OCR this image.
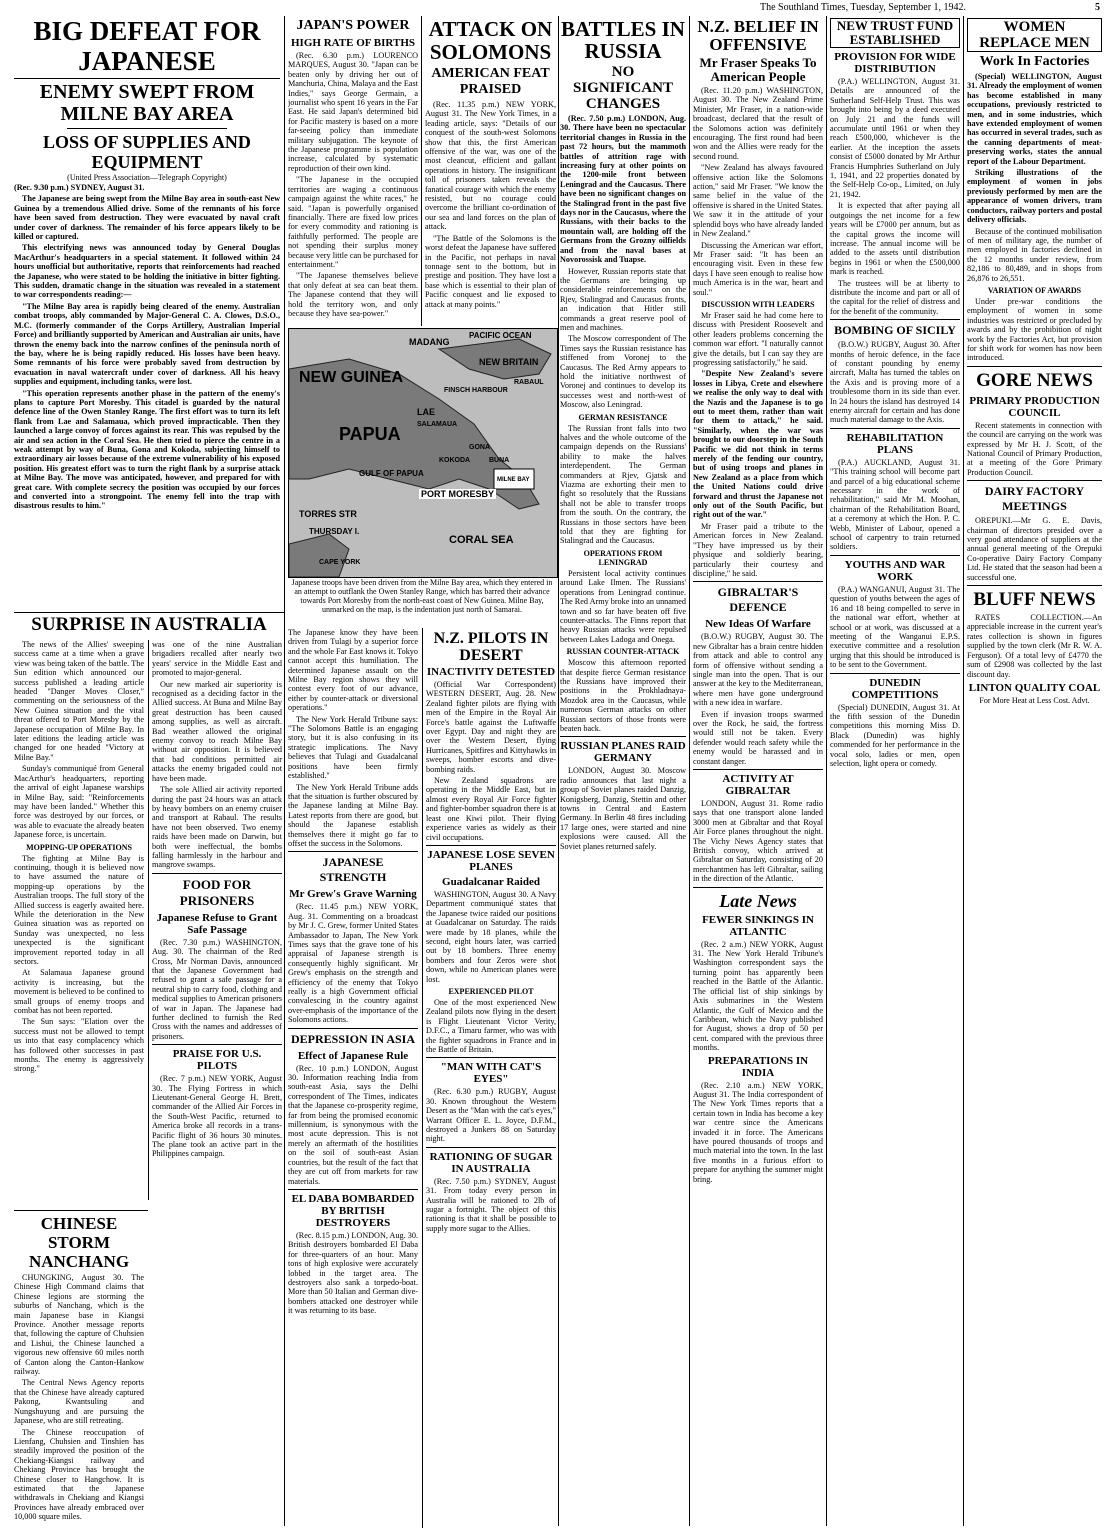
The Southland Times, Tuesday, September 1, 1942.	5
BIG DEFEAT FOR JAPANESE
ENEMY SWEPT FROM MILNE BAY AREA
LOSS OF SUPPLIES AND EQUIPMENT
(United Press Association—Telegraph Copyright)

(Rec. 9.30 p.m.) SYDNEY, August 31.

The Japanese are being swept from the Milne Bay area in south-east New Guinea by a tremendous Allied drive. Some of the remnants of his force have been saved from destruction. They were evacuated by naval craft under cover of darkness. The remainder of his force appears likely to be killed or captured.

This electrifying news was announced today by General Douglas MacArthur's headquarters in a special statement. It followed within 24 hours unofficial but authoritative, reports that reinforcements had reached the Japanese, who were stated to be holding the initiative in bitter fighting. This sudden, dramatic change in the situation was revealed in a statement to war correspondents reading:—

"The Milne Bay area is rapidly being cleared of the enemy. Australian combat troops, ably commanded by Major-General C. A. Clowes, D.S.O., M.C. (formerly commander of the Corps Artillery, Australian Imperial Force) and brilliantly supported by American and Australian air units, have thrown the enemy back into the narrow confines of the peninsula north of the bay, where he is being rapidly reduced. His losses have been heavy. Some remnants of his force were probably saved from destruction by evacuation in naval watercraft under cover of darkness. All his heavy supplies and equipment, including tanks, were lost.

"This operation represents another phase in the pattern of the enemy's plans to capture Port Moresby. This citadel is guarded by the natural defence line of the Owen Stanley Range. The first effort was to turn its left flank from Lae and Salamaua, which proved impracticable. Then they launched a large convoy of forces against its rear. This was repulsed by the air and sea action in the Coral Sea. He then tried to pierce the centre in a weak attempt by way of Buna, Gona and Kokoda, subjecting himself to extraordinary air losses because of the extreme vulnerability of his exposed position. His greatest effort was to turn the right flank by a surprise attack at Milne Bay. The move was anticipated, however, and prepared for with great care. With complete secrecy the position was occupied by our forces and converted into a strongpoint. The enemy fell into the trap with disastrous results to him."

SURPRISE IN AUSTRALIA

The news of the Allies' sweeping success came at a time when a grave view was being taken of the battle. The Sun edition which announced our success published a leading article headed "Danger Moves Closer," commenting on the seriousness of the New Guinea situation and the vital threat offered to Port Moresby by the Japanese occupation of Milne Bay. In later editions the leading article was changed for one headed "Victory at Milne Bay."

Sunday's communiqué from General MacArthur's headquarters, reporting the arrival of eight Japanese warships in Milne Bay, said: "Reinforcements may have been landed." Whether this force was destroyed by our forces, or was able to evacuate the already beaten Japanese force, is uncertain.

MOPPING-UP OPERATIONS

The fighting at Milne Bay is continuing, though it is believed now to have assumed the nature of mopping-up operations by the Australian troops. The full story of the Allied success is eagerly awaited here. While the deterioration in the New Guinea situation was as reported on Sunday was unexpected, no less unexpected is the significant improvement reported today in all sectors.

At Salamaua Japanese ground activity is increasing, but the movement is believed to be confined to small groups of enemy troops and combat has not been reported.

The Sun says: "Elation over the success must not be allowed to tempt us into that easy complacency which has followed other successes in past months. The enemy is aggressively strong."

was one of the nine Australian brigadiers recalled after nearly two years' service in the Middle East and promoted to major-general.

Our new marked air superiority is recognised as a deciding factor in the Allied success. At Buna and Milne Bay great destruction has been caused among supplies, as well as aircraft. Bad weather allowed the original enemy convoy to reach Milne Bay without air opposition. It is believed that bad conditions permitted air attacks the enemy brigaded could not have been made.

The sole Allied air activity reported during the past 24 hours was an attack by heavy bombers on an enemy cruiser and transport at Rabaul. The results have not been observed. Two enemy raids have been made on Darwin, but both were ineffectual, the bombs falling harmlessly in the harbour and mangrove swamps.

FOOD FOR PRISONERS
Japanese Refuse to Grant Safe Passage

(Rec. 7.30 p.m.) WASHINGTON, Aug. 30. The chairman of the Red Cross, Mr Norman Davis, announced that the Japanese Government had refused to grant a safe passage for a neutral ship to carry food, clothing and medical supplies to American prisoners of war in Japan. The Japanese had further declined to furnish the Red Cross with the names and addresses of prisoners.

PRAISE FOR U.S. PILOTS

(Rec. 7 p.m.) NEW YORK, August 30. The Flying Fortress in which Lieutenant-General George H. Brett, commander of the Allied Air Forces in the South-West Pacific, returned to America broke all records in a trans-Pacific flight of 36 hours 30 minutes. The plane took an active part in the Philippines campaign.

CHINESE STORM NANCHANG

CHUNGKING, August 30. The Chinese High Command claims that Chinese legions are storming the suburbs of Nanchang, which is the main Japanese base in Kiangsi Province. Another message reports that, following the capture of Chuhsien and Lishui, the Chinese launched a vigorous new offensive 60 miles north of Canton along the Canton-Hankow railway.

The Central News Agency reports that the Chinese have already captured Pakong, Kwantsuling and Nungshuyung and are pursuing the Japanese, who are still retreating.

The Chinese reoccupation of Lienfang, Chuhsien and Tinshien has steadily improved the position of the Chekiang-Kiangsi railway and Chekiang Province has brought the Chinese closer to Hangchow. It is estimated that the Japanese withdrawals in Chekiang and Kiangsi Provinces have already embraced over 10,000 square miles.

JAPAN'S POWER
HIGH RATE OF BIRTHS

(Rec. 6.30 p.m.) LOURENCO MARQUES, August 30. "Japan can be beaten only by driving her out of Manchuria, China, Malaya and the East Indies," says George Germain, a journalist who spent 16 years in the Far East. He said Japan's determined bid for Pacific mastery is based on a more far-seeing policy than immediate military subjugation. The keynote of the Japanese programme is population increase, calculated by systematic reproduction of their own kind.

"The Japanese in the occupied territories are waging a continuous campaign against the white races," he said. "Japan is powerfully organised financially. There are fixed low prices for every commodity and rationing is faithfully performed. The people are not spending their surplus money because very little can be purchased for entertainment."

"The Japanese themselves believe that only defeat at sea can beat them. The Japanese contend that they will hold the territory won, and only because they have sea-power."

ATTACK ON SOLOMONS
AMERICAN FEAT PRAISED

(Rec. 11.35 p.m.) NEW YORK, August 31. The New York Times, in a leading article, says: "Details of our conquest of the south-west Solomons show that this, the first American offensive of the war, was one of the most cleancut, efficient and gallant operations in history. The insignificant toll of prisoners taken reveals the fanatical courage with which the enemy resisted, but no courage could overcome the brilliant co-ordination of our sea and land forces on the plan of attack.

"The Battle of the Solomons is the worst defeat the Japanese have suffered in the Pacific, not perhaps in naval tonnage sent to the bottom, but in prestige and position. They have lost a base which is essential to their plan of Pacific conquest and lie exposed to attack at many points."

MADANG
NEW GUINEA
PAPUA
NEW BRITAIN
FINSCH HARBOUR
LAE
SALAMAUA
GONA
BUNA
PORT MORESBY
TORRES STR
THURSDAY I.
GULF OF PAPUA
MILNE BAY
CAPE YORK
RABAUL
CORAL SEA
PACIFIC OCEAN
KOKODA
Japanese troops have been driven from the Milne Bay area, which they entered in an attempt to outflank the Owen Stanley Range, which has barred their advance towards Port Moresby from the north-east coast of New Guinea. Milne Bay, unmarked on the map, is the indentation just north of Samarai.

The Japanese know they have been driven from Tulagi by a superior force and the whole Far East knows it. Tokyo cannot accept this humiliation. The determined Japanese assault on the Milne Bay region shows they will contest every foot of our advance, either by counter-attack or diversional operations."

The New York Herald Tribune says: "The Solomons Battle is an engaging story, but it is also confusing in its strategic implications. The Navy believes that Tulagi and Guadalcanal positions have been firmly established."

The New York Herald Tribune adds that the situation is further obscured by the Japanese landing at Milne Bay. Latest reports from there are good, but should the Japanese establish themselves there it might go far to offset the success in the Solomons.

JAPANESE STRENGTH
Mr Grew's Grave Warning

(Rec. 11.45 p.m.) NEW YORK, Aug. 31. Commenting on a broadcast by Mr J. C. Grew, former United States Ambassador to Japan, The New York Times says that the grave tone of his appraisal of Japanese strength is consequently highly significant. Mr Grew's emphasis on the strength and efficiency of the enemy that Tokyo really is a high Government official convalescing in the country against over-emphasis of the importance of the Solomons actions.

DEPRESSION IN ASIA
Effect of Japanese Rule

(Rec. 10 p.m.) LONDON, August 30. Information reaching India from south-east Asia, says the Delhi correspondent of The Times, indicates that the Japanese co-prosperity regime, far from being the promised economic millennium, is synonymous with the most acute depression. This is not merely an aftermath of the hostilities on the soil of south-east Asian countries, but the result of the fact that they are cut off from markets for raw materials.

EL DABA BOMBARDED BY BRITISH DESTROYERS

(Rec. 8.15 p.m.) LONDON, Aug. 30. British destroyers bombarded El Daba for three-quarters of an hour. Many tons of high explosive were accurately lobbed in the target area. The destroyers also sank a torpedo-boat. More than 50 Italian and German dive-bombers attacked one destroyer while it was returning to its base.

BATTLES IN RUSSIA
NO SIGNIFICANT CHANGES

(Rec. 7.50 p.m.) LONDON, Aug. 30. There have been no spectacular territorial changes in Russia in the past 72 hours, but the mammoth battles of attrition rage with increasing fury at other points on the 1200-mile front between Leningrad and the Caucasus. There have been no significant changes on the Stalingrad front in the past five days nor in the Caucasus, where the Russians, with their backs to the mountain wall, are holding off the Germans from the Grozny oilfields and from the naval bases at Novorossisk and Tuapse.

However, Russian reports state that the Germans are bringing up considerable reinforcements on the Rjev, Stalingrad and Caucasus fronts, an indication that Hitler still commands a great reserve pool of men and machines.

The Moscow correspondent of The Times says the Russian resistance has stiffened from Voronej to the Caucasus. The Red Army appears to hold the initiative northwest of Voronej and continues to develop its successes west and north-west of Moscow, also Leningrad.

GERMAN RESISTANCE

The Russian front falls into two halves and the whole outcome of the campaign depends on the Russians' ability to make the halves interdependent. The German commanders at Rjev, Gjatsk and Viazma are exhorting their men to fight so resolutely that the Russians shall not be able to transfer troops from the south. On the contrary, the Russians in those sectors have been told that they are fighting for Stalingrad and the Caucasus.

OPERATIONS FROM LENINGRAD

Persistent local activity continues around Lake Ilmen. The Russians' operations from Leningrad continue. The Red Army broke into an unnamed town and so far have beaten off five counter-attacks. The Finns report that heavy Russian attacks were repulsed between Lakes Ladoga and Onega.

RUSSIAN COUNTER-ATTACK

Moscow this afternoon reported that despite fierce German resistance the Russians have improved their positions in the Prokhladnaya-Mozdok area in the Caucasus, while numerous German attacks on other Russian sectors of those fronts were beaten back.

RUSSIAN PLANES RAID GERMANY

LONDON, August 30. Moscow radio announces that last night a group of Soviet planes raided Danzig, Konigsberg, Danzig, Stettin and other towns in Central and Eastern Germany. In Berlin 48 fires including 17 large ones, were started and nine explosions were caused. All the Soviet planes returned safely.

N.Z. PILOTS IN DESERT
INACTIVITY DETESTED

(Official War Correspondent) WESTERN DESERT, Aug. 28. New Zealand fighter pilots are flying with men of the Empire in the Royal Air Force's battle against the Luftwaffe over Egypt. Day and night they are over the Western Desert, flying Hurricanes, Spitfires and Kittyhawks in sweeps, bomber escorts and dive-bombing raids.

New Zealand squadrons are operating in the Middle East, but in almost every Royal Air Force fighter and fighter-bomber squadron there is at least one Kiwi pilot. Their flying experience varies as widely as their civil occupations.

JAPANESE LOSE SEVEN PLANES
Guadalcanar Raided

WASHINGTON, August 30. A Navy Department communiqué states that the Japanese twice raided our positions at Guadalcanar on Saturday. The raids were made by 18 planes, while the second, eight hours later, was carried out by 18 bombers. Three enemy bombers and four Zeros were shot down, while no American planes were lost.

EXPERIENCED PILOT

One of the most experienced New Zealand pilots now flying in the desert is Flight Lieutenant Victor Verity, D.F.C., a Timaru farmer, who was with the fighter squadrons in France and in the Battle of Britain.

"MAN WITH CAT'S EYES"

(Rec. 6.30 p.m.) RUGBY, August 30. Known throughout the Western Desert as the "Man with the cat's eyes," Warrant Officer E. L. Joyce, D.F.M., destroyed a Junkers 88 on Saturday night.

RATIONING OF SUGAR IN AUSTRALIA

(Rec. 7.50 p.m.) SYDNEY, August 31. From today every person in Australia will be rationed to 2lb of sugar a fortnight. The object of this rationing is that it shall be possible to supply more sugar to the Allies.

N.Z. BELIEF IN OFFENSIVE
Mr Fraser Speaks To American People

(Rec. 11.20 p.m.) WASHINGTON, August 30. The New Zealand Prime Minister, Mr Fraser, in a nation-wide broadcast, declared that the result of the Solomons action was definitely encouraging. The first round had been won and the Allies were ready for the second round.

"New Zealand has always favoured offensive action like the Solomons action," said Mr Fraser. "We know the same belief in the value of the offensive is shared in the United States. We saw it in the attitude of your splendid boys who have already landed in New Zealand."

Discussing the American war effort, Mr Fraser said: "It has been an encouraging visit. Even in these few days I have seen enough to realise how much America is in the war, heart and soul."

DISCUSSION WITH LEADERS

Mr Fraser said he had come here to discuss with President Roosevelt and other leaders problems concerning the common war effort. "I naturally cannot give the details, but I can say they are progressing satisfactorily," he said.

"Despite New Zealand's severe losses in Libya, Crete and elsewhere we realise the only way to deal with the Nazis and the Japanese is to go out to meet them, rather than wait for them to attack," he said. "Similarly, when the war was brought to our doorstep in the South Pacific we did not think in terms merely of the fending our country, but of using troops and planes in New Zealand as a place from which the United Nations could drive forward and thrust the Japanese not only out of the South Pacific, but right out of the war."

Mr Fraser paid a tribute to the American forces in New Zealand. "They have impressed us by their physique and soldierly bearing, particularly their courtesy and discipline," he said.

GIBRALTAR'S DEFENCE
New Ideas Of Warfare

(B.O.W.) RUGBY, August 30. The new Gibraltar has a brain centre hidden from attack and able to control any form of offensive without sending a single man into the open. That is our answer at the key to the Mediterranean, where men have gone underground with a new idea in warfare.

Even if invasion troops swarmed over the Rock, he said, the fortress would still not be taken. Every defender would reach safety while the enemy would be harassed and in constant danger.

ACTIVITY AT GIBRALTAR

LONDON, August 31. Rome radio says that one transport alone landed 3000 men at Gibraltar and that Royal Air Force planes throughout the night. The Vichy News Agency states that British convoy, which arrived at Gibraltar on Saturday, consisting of 20 merchantmen has left Gibraltar, sailing in the direction of the Atlantic.

Late News
FEWER SINKINGS IN ATLANTIC

(Rec. 2 a.m.) NEW YORK, August 31. The New York Herald Tribune's Washington correspondent says the turning point has apparently been reached in the Battle of the Atlantic. The official list of ship sinkings by Axis submarines in the Western Atlantic, the Gulf of Mexico and the Caribbean, which the Navy published for August, shows a drop of 50 per cent. compared with the previous three months.

PREPARATIONS IN INDIA

(Rec. 2.10 a.m.) NEW YORK, August 31. The India correspondent of The New York Times reports that a certain town in India has become a key war centre since the Americans invaded it in force. The Americans have poured thousands of troops and much material into the town. In the last five months in a furious effort to prepare for anything the summer might bring.

NEW TRUST FUND ESTABLISHED
PROVISION FOR WIDE DISTRIBUTION

(P.A.) WELLINGTON, August 31. Details are announced of the Sutherland Self-Help Trust. This was brought into being by a deed executed on July 21 and the funds will accumulate until 1961 or when they reach £500,000, whichever is the earlier. At the inception the assets consist of £5000 donated by Mr Arthur Francis Humphries Sutherland on July 1, 1941, and 22 properties donated by the Self-Help Co-op., Limited, on July 21, 1942.

It is expected that after paying all outgoings the net income for a few years will be £7000 per annum, but as the capital grows the income will increase. The annual income will be added to the assets until distribution begins in 1961 or when the £500,000 mark is reached.

The trustees will be at liberty to distribute the income and part or all of the capital for the relief of distress and for the benefit of the community.

BOMBING OF SICILY

(B.O.W.) RUGBY, August 30. After months of heroic defence, in the face of constant pounding by enemy aircraft, Malta has turned the tables on the Axis and is proving more of a troublesome thorn in its side than ever. In 24 hours the island has destroyed 14 enemy aircraft for certain and has done much material damage to the Axis.

REHABILITATION PLANS

(P.A.) AUCKLAND, August 31. "This training school will become part and parcel of a big educational scheme necessary in the work of rehabilitation," said Mr M. Moohan, chairman of the Rehabilitation Board, at a ceremony at which the Hon. P. C. Webb, Minister of Labour, opened a school of carpentry to train returned soldiers.

YOUTHS AND WAR WORK

(P.A.) WANGANUI, August 31. The question of youths between the ages of 16 and 18 being compelled to serve in the national war effort, whether at school or at work, was discussed at a meeting of the Wanganui E.P.S. executive committee and a resolution urging that this should be introduced is to be sent to the Government.

DUNEDIN COMPETITIONS

(Special) DUNEDIN, August 31. At the fifth session of the Dunedin competitions this morning Miss D. Black (Dunedin) was highly commended for her performance in the vocal solo, ladies or men, open selection, light opera or comedy.

WOMEN REPLACE MEN
Work In Factories

(Special) WELLINGTON, August 31. Already the employment of women has become established in many occupations, previously restricted to men, and in some industries, which have extended employment of women has occurred in several trades, such as the canning departments of meat-preserving works, states the annual report of the Labour Department.

Striking illustrations of the employment of women in jobs previously performed by men are the appearance of women drivers, tram conductors, railway porters and postal delivery officials.

Because of the continued mobilisation of men of military age, the number of men employed in factories declined in the 12 months under review, from 82,186 to 80,489, and in shops from 26,876 to 26,551.

VARIATION OF AWARDS

Under pre-war conditions the employment of women in some industries was restricted or precluded by awards and by the prohibition of night work by the Factories Act, but provision for shift work for women has now been introduced.

GORE NEWS
PRIMARY PRODUCTION COUNCIL

Recent statements in connection with the council are carrying on the work was expressed by Mr H. J. Scott, of the National Council of Primary Production, at a meeting of the Gore Primary Production Council.

DAIRY FACTORY MEETINGS

OREPUKI.—Mr G. E. Davis, chairman of directors presided over a very good attendance of suppliers at the annual general meeting of the Orepuki Co-operative Dairy Factory Company Ltd. He stated that the season had been a successful one.

BLUFF NEWS

RATES COLLECTION.—An appreciable increase in the current year's rates collection is shown in figures supplied by the town clerk (Mr R. W. A. Ferguson). Of a total levy of £4770 the sum of £2908 was collected by the last discount day.

LINTON QUALITY COAL
For More Heat at Less Cost. Advt.
